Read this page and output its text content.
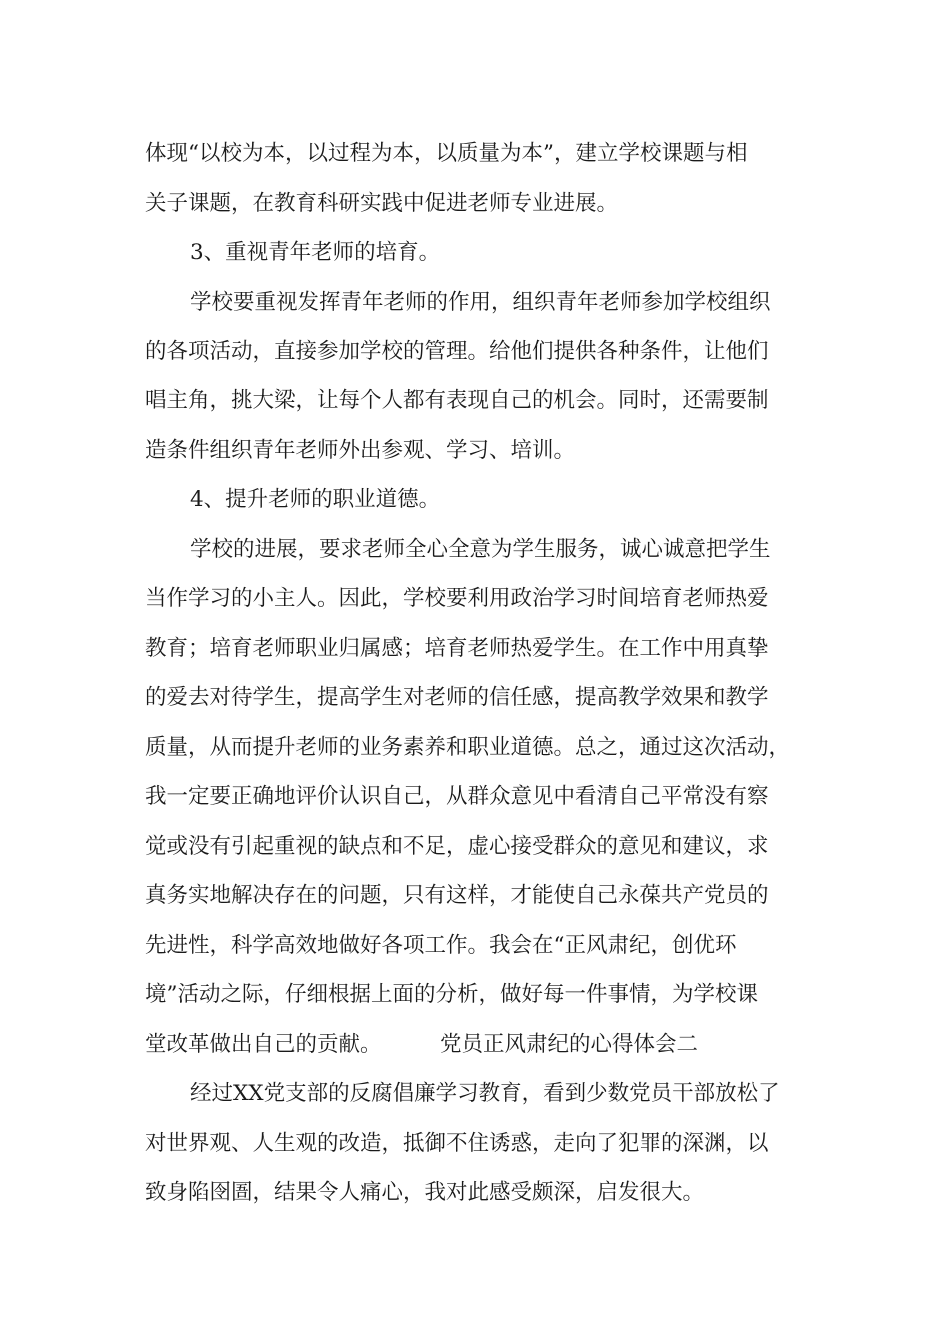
体现“以校为本，以过程为本，以质量为本”，建立学校课题与相
关子课题，在教育科研实践中促进老师专业进展。
3、重视青年老师的培育。
学校要重视发挥青年老师的作用，组织青年老师参加学校组织
的各项活动，直接参加学校的管理。给他们提供各种条件，让他们
唱主角，挑大梁，让每个人都有表现自己的机会。同时，还需要制
造条件组织青年老师外出参观、学习、培训。
4、提升老师的职业道德。
学校的进展，要求老师全心全意为学生服务，诚心诚意把学生
当作学习的小主人。因此，学校要利用政治学习时间培育老师热爱
教育；培育老师职业归属感；培育老师热爱学生。在工作中用真挚
的爱去对待学生，提高学生对老师的信任感，提高教学效果和教学
质量，从而提升老师的业务素养和职业道德。总之，通过这次活动，
我一定要正确地评价认识自己，从群众意见中看清自己平常没有察
觉或没有引起重视的缺点和不足，虚心接受群众的意见和建议，求
真务实地解决存在的问题，只有这样，才能使自己永葆共产党员的
先进性，科学高效地做好各项工作。我会在“正风肃纪，创优环
境”活动之际，仔细根据上面的分析，做好每一件事情，为学校课
堂改革做出自己的贡献。	党员正风肃纪的心得体会二
经过XX党支部的反腐倡廉学习教育，看到少数党员干部放松了
对世界观、人生观的改造，抵御不住诱惑，走向了犯罪的深渊，以
致身陷囹圄，结果令人痛心，我对此感受颇深，启发很大。
